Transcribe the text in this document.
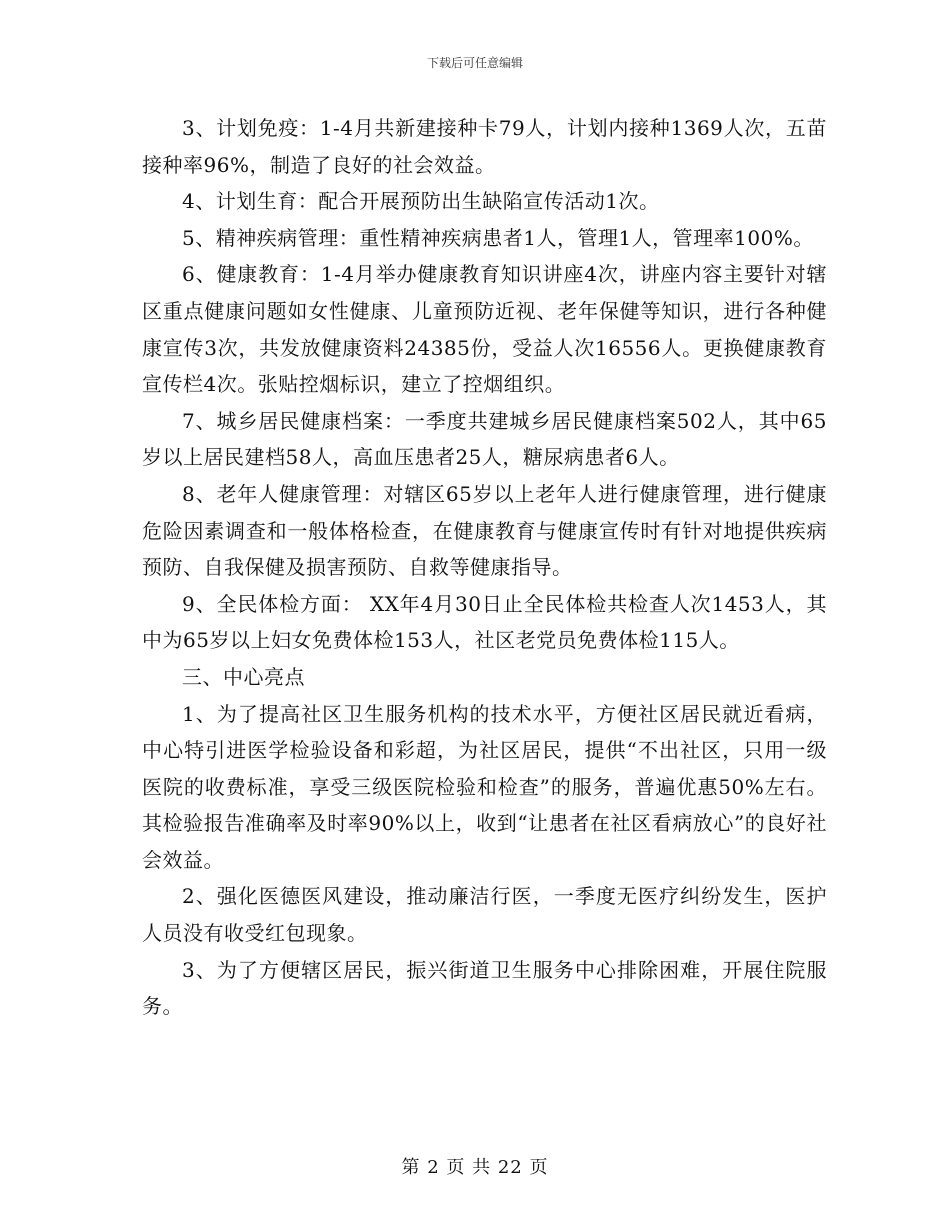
下载后可任意编辑

3、计划免疫：1-4月共新建接种卡79人，计划内接种1369人次，五苗接种率96%，制造了良好的社会效益。

4、计划生育：配合开展预防出生缺陷宣传活动1次。

5、精神疾病管理：重性精神疾病患者1人，管理1人，管理率100%。

6、健康教育：1-4月举办健康教育知识讲座4次，讲座内容主要针对辖区重点健康问题如女性健康、儿童预防近视、老年保健等知识，进行各种健康宣传3次，共发放健康资料24385份，受益人次16556人。更换健康教育宣传栏4次。张贴控烟标识，建立了控烟组织。

7、城乡居民健康档案：一季度共建城乡居民健康档案502人，其中65岁以上居民建档58人，高血压患者25人，糖尿病患者6人。

8、老年人健康管理：对辖区65岁以上老年人进行健康管理，进行健康危险因素调查和一般体格检查，在健康教育与健康宣传时有针对地提供疾病预防、自我保健及损害预防、自救等健康指导。

9、全民体检方面： XX年4月30日止全民体检共检查人次1453人，其中为65岁以上妇女免费体检153人，社区老党员免费体检115人。

三、中心亮点

1、为了提高社区卫生服务机构的技术水平，方便社区居民就近看病，中心特引进医学检验设备和彩超，为社区居民，提供“不出社区，只用一级医院的收费标准，享受三级医院检验和检查”的服务，普遍优惠50%左右。其检验报告准确率及时率90%以上，收到“让患者在社区看病放心”的良好社会效益。

2、强化医德医风建设，推动廉洁行医，一季度无医疗纠纷发生，医护人员没有收受红包现象。

3、为了方便辖区居民，振兴街道卫生服务中心排除困难，开展住院服务。

第 2 页 共 22 页
